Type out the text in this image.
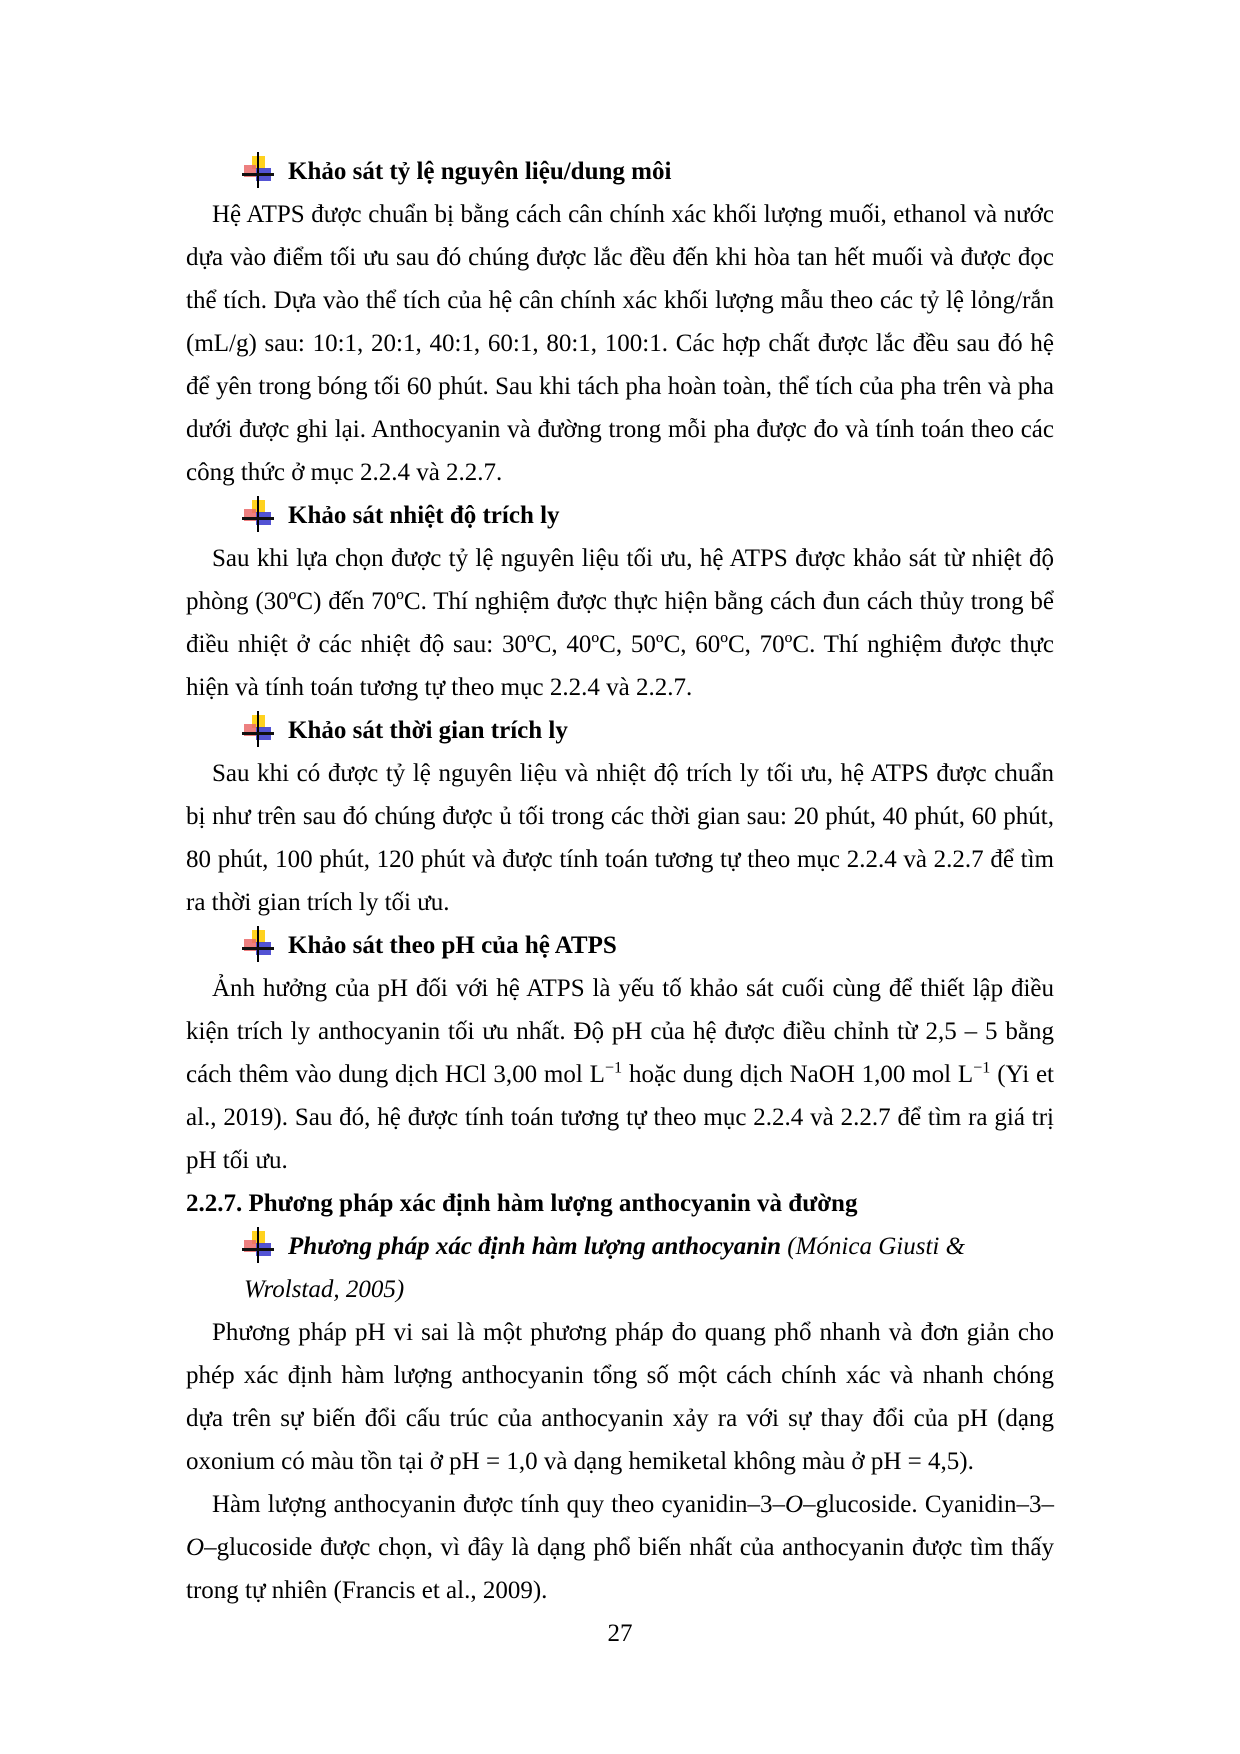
Khảo sát tỷ lệ nguyên liệu/dung môi

Hệ ATPS được chuẩn bị bằng cách cân chính xác khối lượng muối, ethanol và nước dựa vào điểm tối ưu sau đó chúng được lắc đều đến khi hòa tan hết muối và được đọc thể tích. Dựa vào thể tích của hệ cân chính xác khối lượng mẫu theo các tỷ lệ lỏng/rắn (mL/g) sau: 10:1, 20:1, 40:1, 60:1, 80:1, 100:1. Các hợp chất được lắc đều sau đó hệ để yên trong bóng tối 60 phút. Sau khi tách pha hoàn toàn, thể tích của pha trên và pha dưới được ghi lại. Anthocyanin và đường trong mỗi pha được đo và tính toán theo các công thức ở mục 2.2.4 và 2.2.7.

Khảo sát nhiệt độ trích ly

Sau khi lựa chọn được tỷ lệ nguyên liệu tối ưu, hệ ATPS được khảo sát từ nhiệt độ phòng (30ºC) đến 70ºC. Thí nghiệm được thực hiện bằng cách đun cách thủy trong bể điều nhiệt ở các nhiệt độ sau: 30ºC, 40ºC, 50ºC, 60ºC, 70ºC. Thí nghiệm được thực hiện và tính toán tương tự theo mục 2.2.4 và 2.2.7.

Khảo sát thời gian trích ly

Sau khi có được tỷ lệ nguyên liệu và nhiệt độ trích ly tối ưu, hệ ATPS được chuẩn bị như trên sau đó chúng được ủ tối trong các thời gian sau: 20 phút, 40 phút, 60 phút, 80 phút, 100 phút, 120 phút và được tính toán tương tự theo mục 2.2.4 và 2.2.7 để tìm ra thời gian trích ly tối ưu.

Khảo sát theo pH của hệ ATPS

Ảnh hưởng của pH đối với hệ ATPS là yếu tố khảo sát cuối cùng để thiết lập điều kiện trích ly anthocyanin tối ưu nhất. Độ pH của hệ được điều chỉnh từ 2,5 – 5 bằng cách thêm vào dung dịch HCl 3,00 mol $L^{-1}$ hoặc dung dịch NaOH 1,00 mol $L^{-1}$ (Yi et al., 2019). Sau đó, hệ được tính toán tương tự theo mục 2.2.4 và 2.2.7 để tìm ra giá trị pH tối ưu.

2.2.7. Phương pháp xác định hàm lượng anthocyanin và đường
Phương pháp xác định hàm lượng anthocyanin (Mónica Giusti & Wrolstad, 2005)

Phương pháp pH vi sai là một phương pháp đo quang phổ nhanh và đơn giản cho phép xác định hàm lượng anthocyanin tổng số một cách chính xác và nhanh chóng dựa trên sự biến đổi cấu trúc của anthocyanin xảy ra với sự thay đổi của pH (dạng oxonium có màu tồn tại ở pH = 1,0 và dạng hemiketal không màu ở pH = 4,5).

Hàm lượng anthocyanin được tính quy theo cyanidin–3–O–glucoside. Cyanidin–3–O–glucoside được chọn, vì đây là dạng phổ biến nhất của anthocyanin được tìm thấy trong tự nhiên (Francis et al., 2009).

27
